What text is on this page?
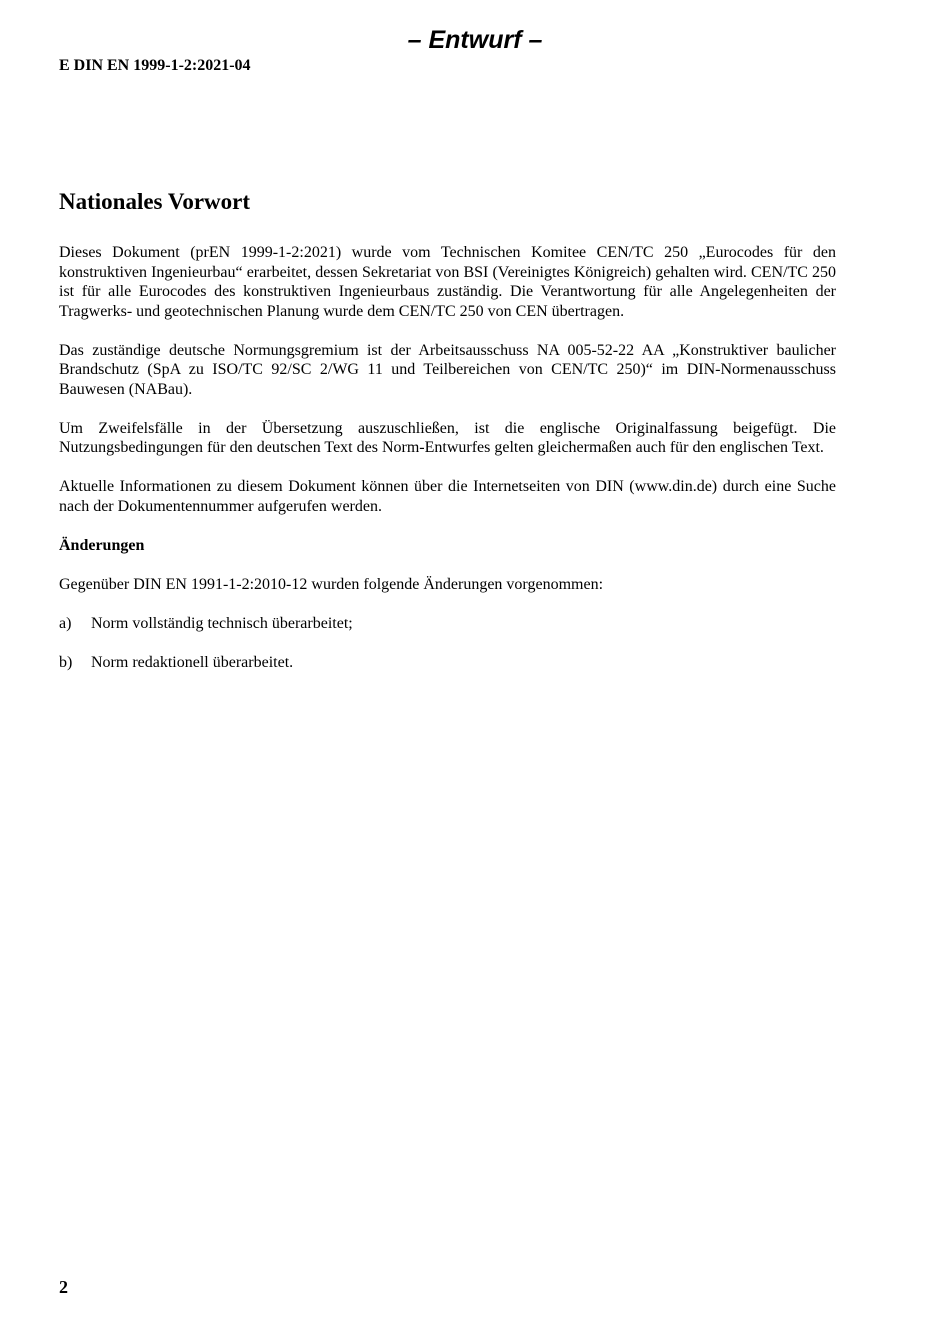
– Entwurf –
E DIN EN 1999-1-2:2021-04
Nationales Vorwort

Dieses Dokument (prEN 1999-1-2:2021) wurde vom Technischen Komitee CEN/TC 250 „Eurocodes für den konstruktiven Ingenieurbau“ erarbeitet, dessen Sekretariat von BSI (Vereinigtes Königreich) gehalten wird. CEN/TC 250 ist für alle Eurocodes des konstruktiven Ingenieurbaus zuständig. Die Verantwortung für alle Angelegenheiten der Tragwerks- und geotechnischen Planung wurde dem CEN/TC 250 von CEN übertragen.

Das zuständige deutsche Normungsgremium ist der Arbeitsausschuss NA 005-52-22 AA „Konstruktiver baulicher Brandschutz (SpA zu ISO/TC 92/SC 2/WG 11 und Teilbereichen von CEN/TC 250)“ im DIN-Normenausschuss Bauwesen (NABau).

Um Zweifelsfälle in der Übersetzung auszuschließen, ist die englische Originalfassung beigefügt. Die Nutzungsbedingungen für den deutschen Text des Norm-Entwurfes gelten gleichermaßen auch für den englischen Text.

Aktuelle Informationen zu diesem Dokument können über die Internetseiten von DIN (www.din.de) durch eine Suche nach der Dokumentennummer aufgerufen werden.

Änderungen

Gegenüber DIN EN 1991-1-2:2010-12 wurden folgende Änderungen vorgenommen:

a)	Norm vollständig technisch überarbeitet;
b)	Norm redaktionell überarbeitet.
2
